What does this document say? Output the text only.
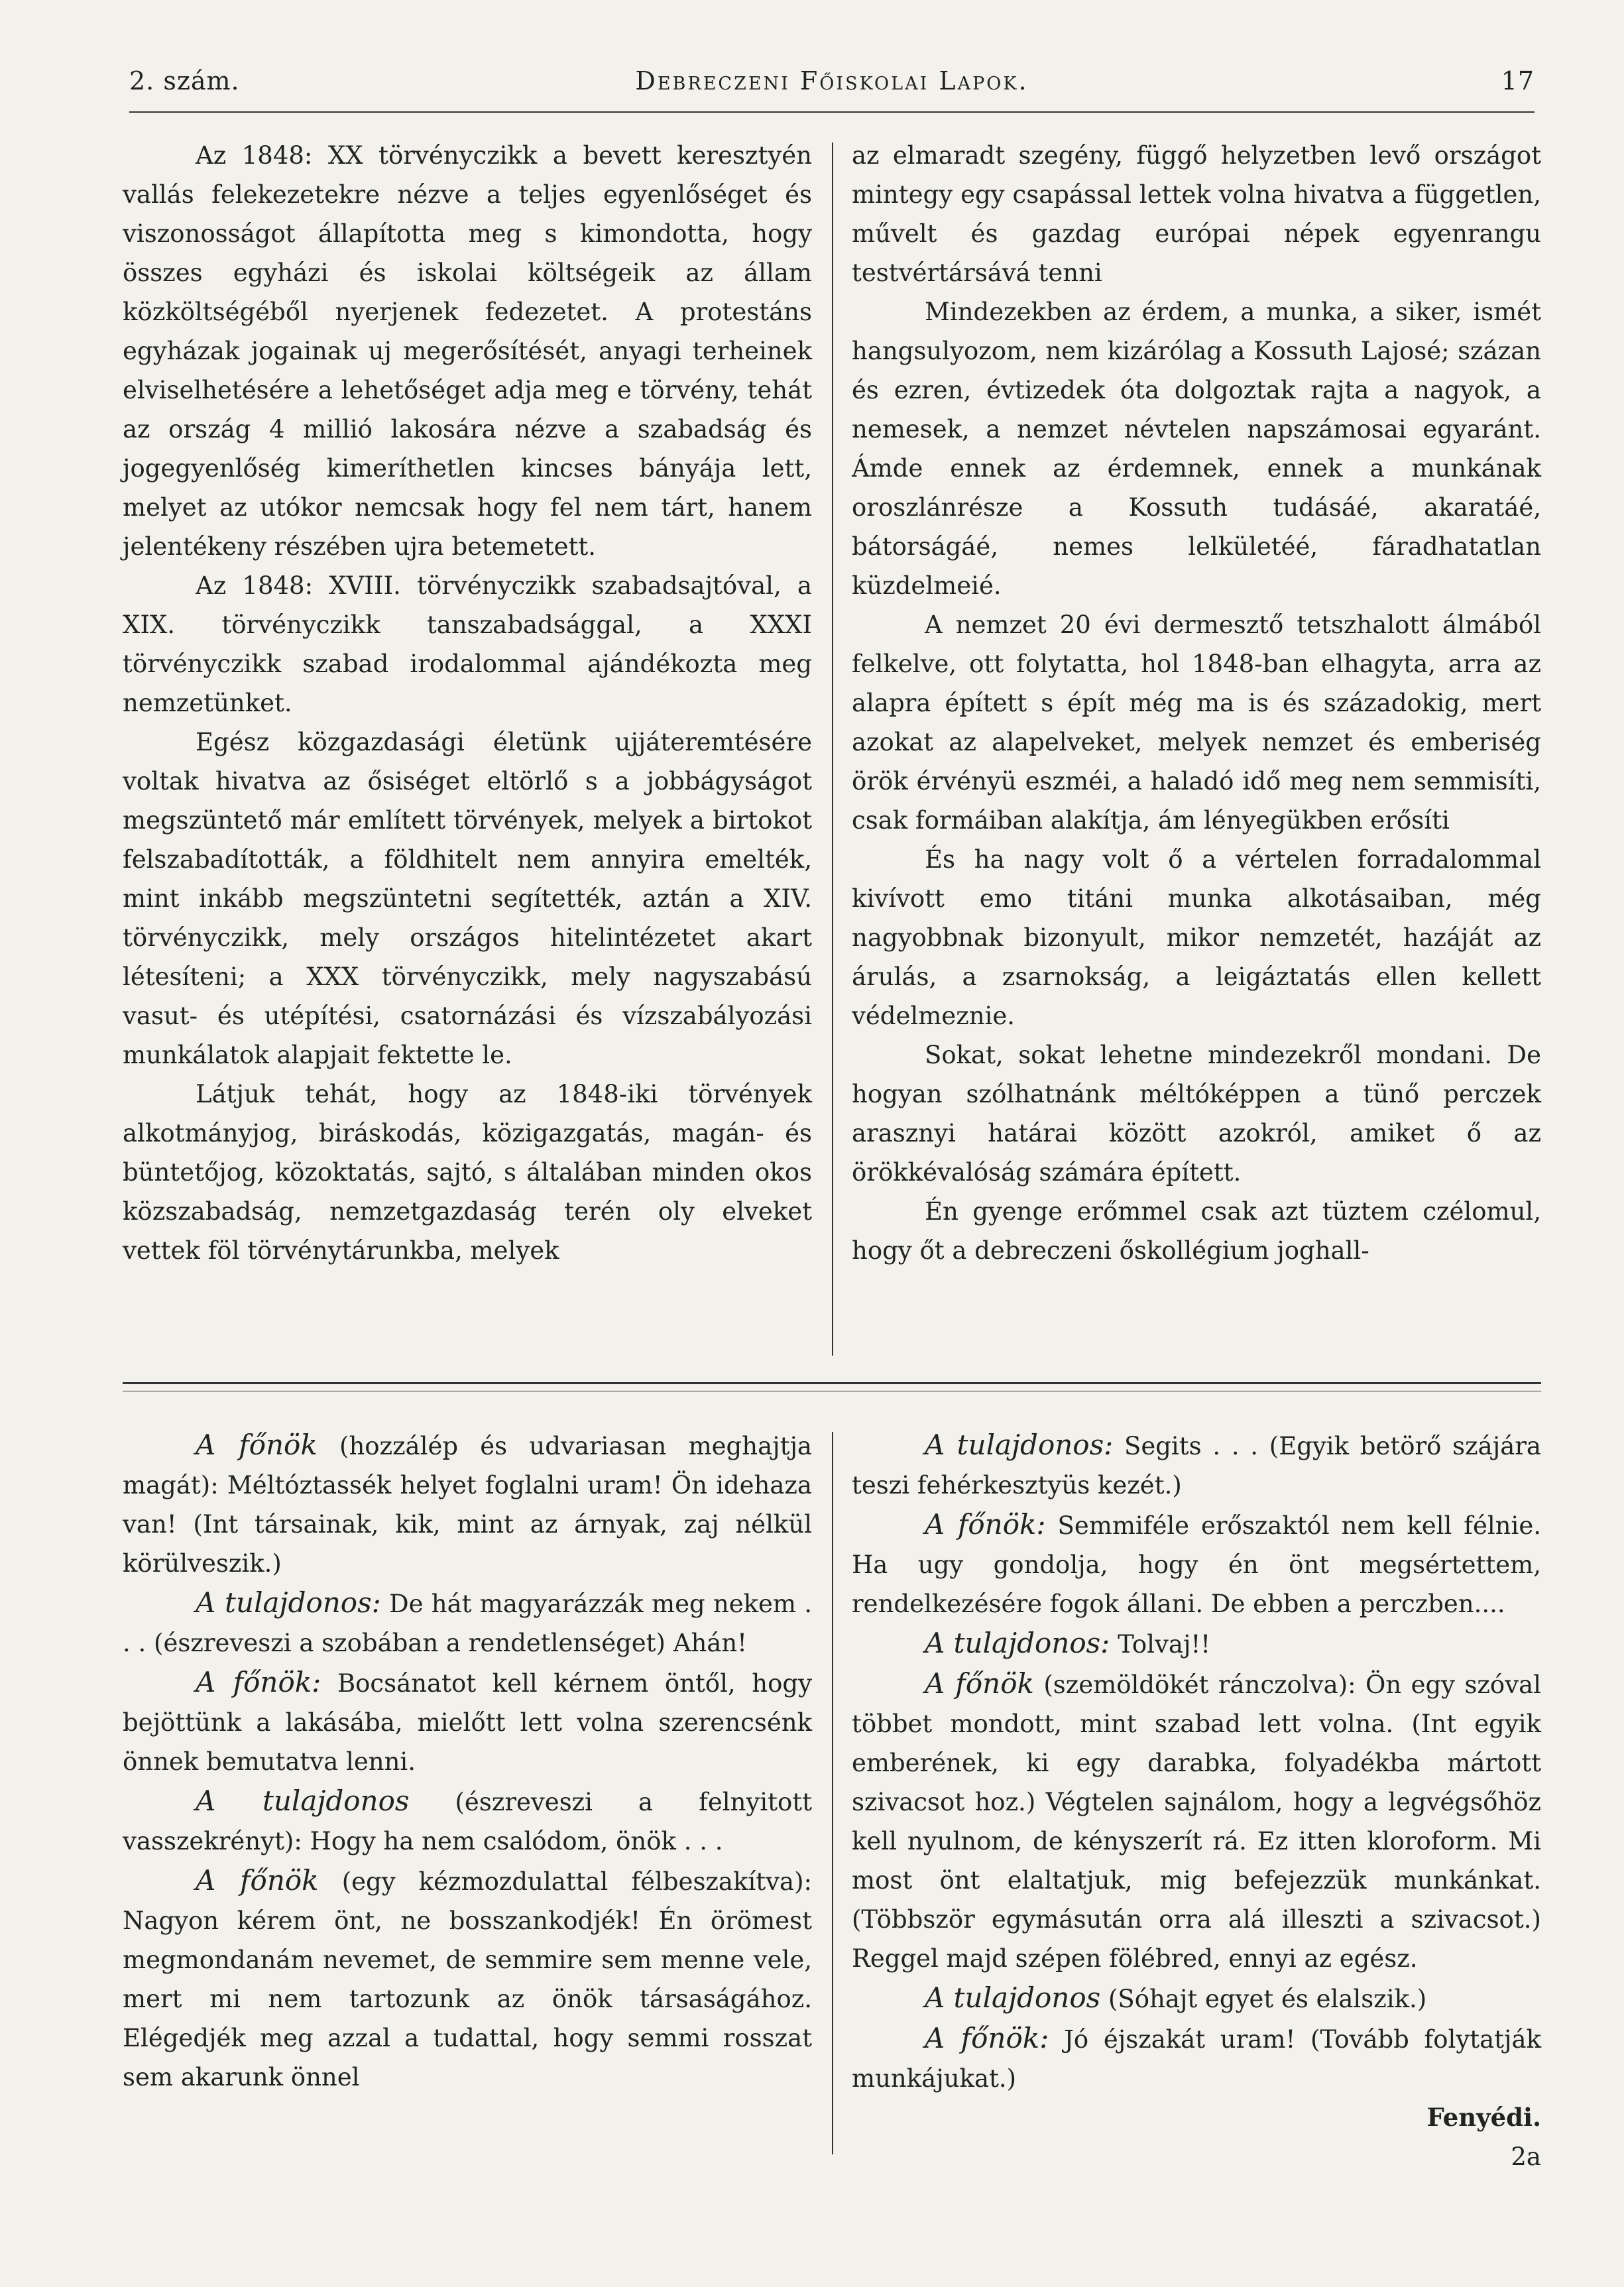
2. szám.	Debreczeni Főiskolai Lapok.	17

Az 1848: XX törvényczikk a bevett keresztyén vallás felekezetekre nézve a teljes egyenlőséget és viszonosságot állapította meg s kimondotta, hogy összes egyházi és iskolai költségeik az állam közköltségéből nyerjenek fedezetet. A protestáns egyházak jogainak uj megerősítését, anyagi terheinek elviselhetésére a lehetőséget adja meg e törvény, tehát az ország 4 millió lakosára nézve a szabadság és jogegyenlőség kimeríthetlen kincses bányája lett, melyet az utókor nemcsak hogy fel nem tárt, hanem jelentékeny részében ujra betemetett.

Az 1848: XVIII. törvényczikk szabadsajtóval, a XIX. törvényczikk tanszabadsággal, a XXXI törvényczikk szabad irodalommal ajándékozta meg nemzetünket.

Egész közgazdasági életünk ujjáteremtésére voltak hivatva az ősiséget eltörlő s a jobbágyságot megszüntető már említett törvények, melyek a birtokot felszabadították, a földhitelt nem annyira emelték, mint inkább megszüntetni segítették, aztán a XIV. törvényczikk, mely országos hitelintézetet akart létesíteni; a XXX törvényczikk, mely nagyszabású vasut- és utépítési, csatornázási és vízszabályozási munkálatok alapjait fektette le.

Látjuk tehát, hogy az 1848-iki törvények alkotmányjog, biráskodás, közigazgatás, magán- és büntetőjog, közoktatás, sajtó, s általában minden okos közszabadság, nemzetgazdaság terén oly elveket vettek föl törvénytárunkba, melyek

az elmaradt szegény, függő helyzetben levő országot mintegy egy csapással lettek volna hivatva a független, művelt és gazdag európai népek egyenrangu testvértársává tenni

Mindezekben az érdem, a munka, a siker, ismét hangsulyozom, nem kizárólag a Kossuth Lajosé; százan és ezren, évtizedek óta dolgoztak rajta a nagyok, a nemesek, a nemzet névtelen napszámosai egyaránt. Ámde ennek az érdemnek, ennek a munkának oroszlánrésze a Kossuth tudásáé, akaratáé, bátorságáé, nemes lelkületéé, fáradhatatlan küzdelmeié.

A nemzet 20 évi dermesztő tetszhalott álmából felkelve, ott folytatta, hol 1848-ban elhagyta, arra az alapra épített s épít még ma is és századokig, mert azokat az alapelveket, melyek nemzet és emberiség örök érvényü eszméi, a haladó idő meg nem semmisíti, csak formáiban alakítja, ám lényegükben erősíti

És ha nagy volt ő a vértelen forradalommal kivívott emo titáni munka alkotásaiban, még nagyobbnak bizonyult, mikor nemzetét, hazáját az árulás, a zsarnokság, a leigáztatás ellen kellett védelmeznie.

Sokat, sokat lehetne mindezekről mondani. De hogyan szólhatnánk méltóképpen a tünő perczek arasznyi határai között azokról, amiket ő az örökkévalóság számára épített.

Én gyenge erőmmel csak azt tüztem czélomul, hogy őt a debreczeni őskollégium joghall-

A főnök (hozzálép és udvariasan meghajtja magát): Méltóztassék helyet foglalni uram! Ön idehaza van! (Int társainak, kik, mint az árnyak, zaj nélkül körülveszik.)

A tulajdonos: De hát magyarázzák meg nekem . . . (észreveszi a szobában a rendetlenséget) Ahán!

A főnök: Bocsánatot kell kérnem öntől, hogy bejöttünk a lakásába, mielőtt lett volna szerencsénk önnek bemutatva lenni.

A tulajdonos (észreveszi a felnyitott vasszekrényt): Hogy ha nem csalódom, önök . . .

A főnök (egy kézmozdulattal félbeszakítva): Nagyon kérem önt, ne bosszankodjék! Én örömest megmondanám nevemet, de semmire sem menne vele, mert mi nem tartozunk az önök társaságához. Elégedjék meg azzal a tudattal, hogy semmi rosszat sem akarunk önnel

A tulajdonos: Segits . . . (Egyik betörő szájára teszi fehérkesztyüs kezét.)

A főnök: Semmiféle erőszaktól nem kell félnie. Ha ugy gondolja, hogy én önt megsértettem, rendelkezésére fogok állani. De ebben a perczben....

A tulajdonos: Tolvaj!!

A főnök (szemöldökét ránczolva): Ön egy szóval többet mondott, mint szabad lett volna. (Int egyik emberének, ki egy darabka, folyadékba mártott szivacsot hoz.) Végtelen sajnálom, hogy a legvégsőhöz kell nyulnom, de kényszerít rá. Ez itten kloroform. Mi most önt elaltatjuk, mig befejezzük munkánkat. (Többször egymásután orra alá illeszti a szivacsot.) Reggel majd szépen fölébred, ennyi az egész.

A tulajdonos (Sóhajt egyet és elalszik.)

A főnök: Jó éjszakát uram! (Tovább folytatják munkájukat.)

Fenyédi.
2a
